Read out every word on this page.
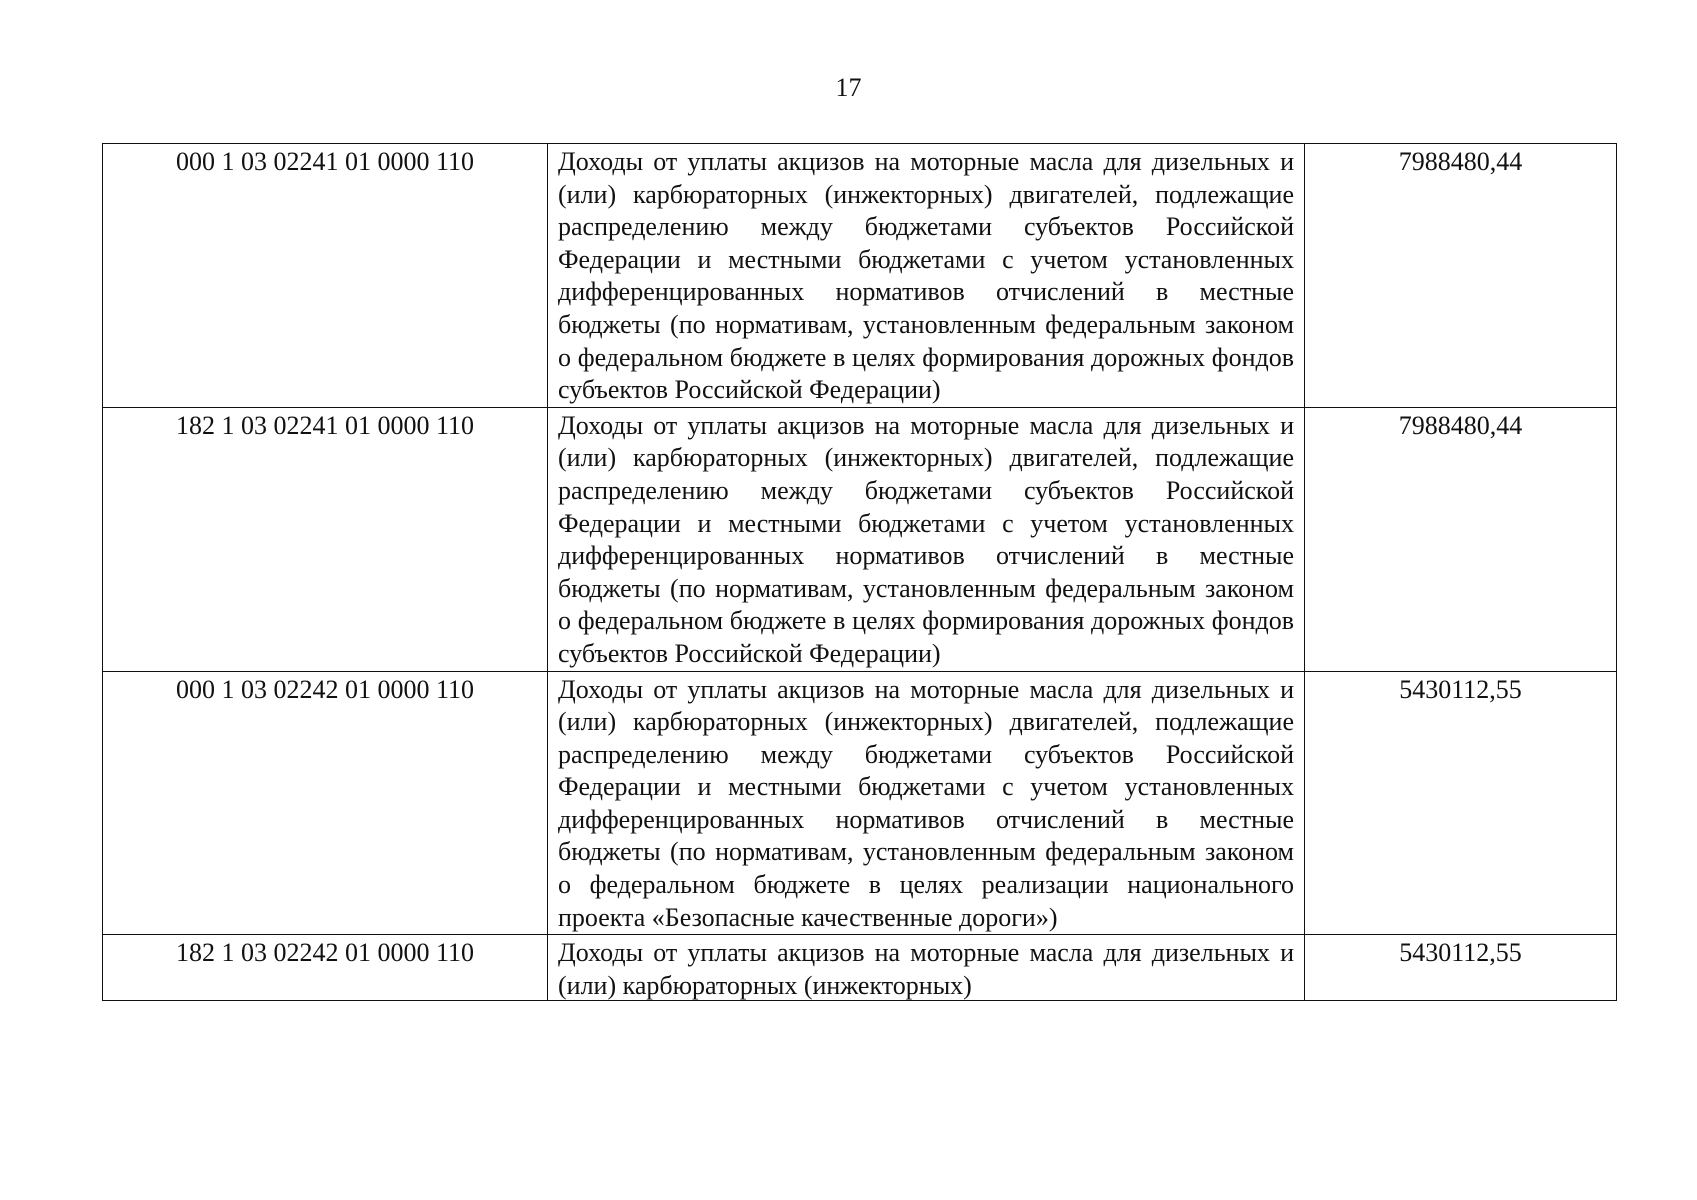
17
000 1 03 02241 01 0000 110	Доходы от уплаты акцизов на моторные масла для дизельных и (или) карбюраторных (инжекторных) двигателей, подлежащие распределению между бюджетами субъектов Российской Федерации и местными бюджетами с учетом установленных дифференцированных нормативов отчислений в местные бюджеты (по нормативам, установленным федеральным законом о федеральном бюджете в целях формирования дорожных фондов субъектов Российской Федерации)	7988480,44
182 1 03 02241 01 0000 110	Доходы от уплаты акцизов на моторные масла для дизельных и (или) карбюраторных (инжекторных) двигателей, подлежащие распределению между бюджетами субъектов Российской Федерации и местными бюджетами с учетом установленных дифференцированных нормативов отчислений в местные бюджеты (по нормативам, установленным федеральным законом о федеральном бюджете в целях формирования дорожных фондов субъектов Российской Федерации)	7988480,44
000 1 03 02242 01 0000 110	Доходы от уплаты акцизов на моторные масла для дизельных и (или) карбюраторных (инжекторных) двигателей, подлежащие распределению между бюджетами субъектов Российской Федерации и местными бюджетами с учетом установленных дифференцированных нормативов отчислений в местные бюджеты (по нормативам, установленным федеральным законом о федеральном бюджете в целях реализации национального проекта «Безопасные качественные дороги»)	5430112,55
182 1 03 02242 01 0000 110	Доходы от уплаты акцизов на моторные масла для дизельных и (или) карбюраторных (инжекторных)	5430112,55
